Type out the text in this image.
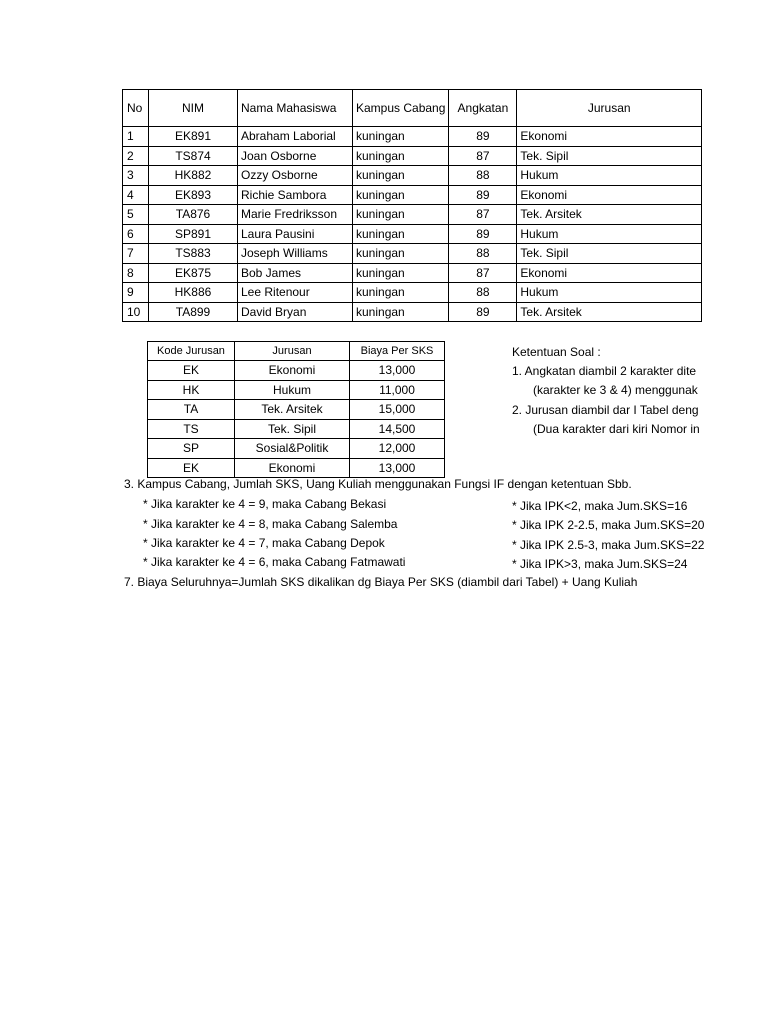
No	NIM	Nama Mahasiswa	Kampus Cabang	Angkatan	Jurusan
1	EK891	Abraham Laborial	kuningan	89	Ekonomi
2	TS874	Joan Osborne	kuningan	87	Tek. Sipil
3	HK882	Ozzy Osborne	kuningan	88	Hukum
4	EK893	Richie Sambora	kuningan	89	Ekonomi
5	TA876	Marie Fredriksson	kuningan	87	Tek. Arsitek
6	SP891	Laura Pausini	kuningan	89	Hukum
7	TS883	Joseph Williams	kuningan	88	Tek. Sipil
8	EK875	Bob James	kuningan	87	Ekonomi
9	HK886	Lee Ritenour	kuningan	88	Hukum
10	TA899	David Bryan	kuningan	89	Tek. Arsitek
Kode Jurusan	Jurusan	Biaya Per SKS
EK	Ekonomi	13,000
HK	Hukum	11,000
TA	Tek. Arsitek	15,000
TS	Tek. Sipil	14,500
SP	Sosial&Politik	12,000
EK	Ekonomi	13,000
Ketentuan Soal :
1. Angkatan diambil 2 karakter dite
(karakter ke 3 & 4) menggunak
2. Jurusan diambil dar I Tabel deng
(Dua karakter dari kiri Nomor in
3. Kampus Cabang, Jumlah SKS, Uang Kuliah menggunakan Fungsi IF dengan ketentuan Sbb.
* Jika karakter ke 4 = 9, maka Cabang Bekasi
* Jika karakter ke 4 = 8, maka Cabang Salemba
* Jika karakter ke 4 = 7, maka Cabang Depok
* Jika karakter ke 4 = 6, maka Cabang Fatmawati
* Jika IPK<2, maka Jum.SKS=16
* Jika IPK 2-2.5, maka Jum.SKS=20
* Jika IPK 2.5-3, maka Jum.SKS=22
* Jika IPK>3, maka Jum.SKS=24
7. Biaya Seluruhnya=Jumlah SKS dikalikan dg Biaya Per SKS (diambil dari Tabel) + Uang Kuliah
